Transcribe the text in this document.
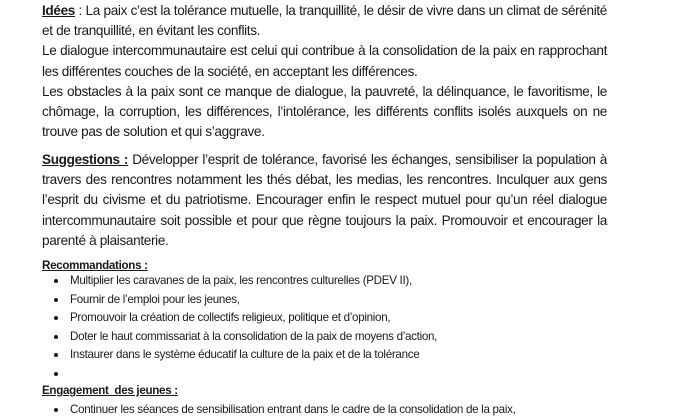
Idées : La paix c’est la tolérance mutuelle, la tranquillité, le désir de vivre dans un climat de sérénité et de tranquillité, en évitant les conflits.
Le dialogue intercommunautaire est celui qui contribue à la consolidation de la paix en rapprochant les différentes couches de la société, en acceptant les différences.
Les obstacles à la paix sont ce manque de dialogue, la pauvreté, la délinquance, le favoritisme, le chômage, la corruption, les différences, l’intolérance, les différents conflits isolés auxquels on ne trouve pas de solution et qui s’aggrave.
Suggestions : Développer l’esprit de tolérance, favorisé les échanges, sensibiliser la population à travers des rencontres notamment les thés débat, les medias, les rencontres. Inculquer aux gens l’esprit du civisme et du patriotisme. Encourager enfin le respect mutuel pour qu’un réel dialogue intercommunautaire soit possible et pour que règne toujours la paix. Promouvoir et encourager la parenté à plaisanterie.
Recommandations :
Multiplier les caravanes de la paix, les rencontres culturelles (PDEV II),
Fournir de l’emploi pour les jeunes,
Promouvoir la création de collectifs religieux, politique et d’opinion,
Doter le haut commissariat à la consolidation de la paix de moyens d’action,
Instaurer dans le système éducatif la culture de la paix et de la tolérance
Engagement  des jeunes :
Continuer les séances de sensibilisation entrant dans le cadre de la consolidation de la paix,
